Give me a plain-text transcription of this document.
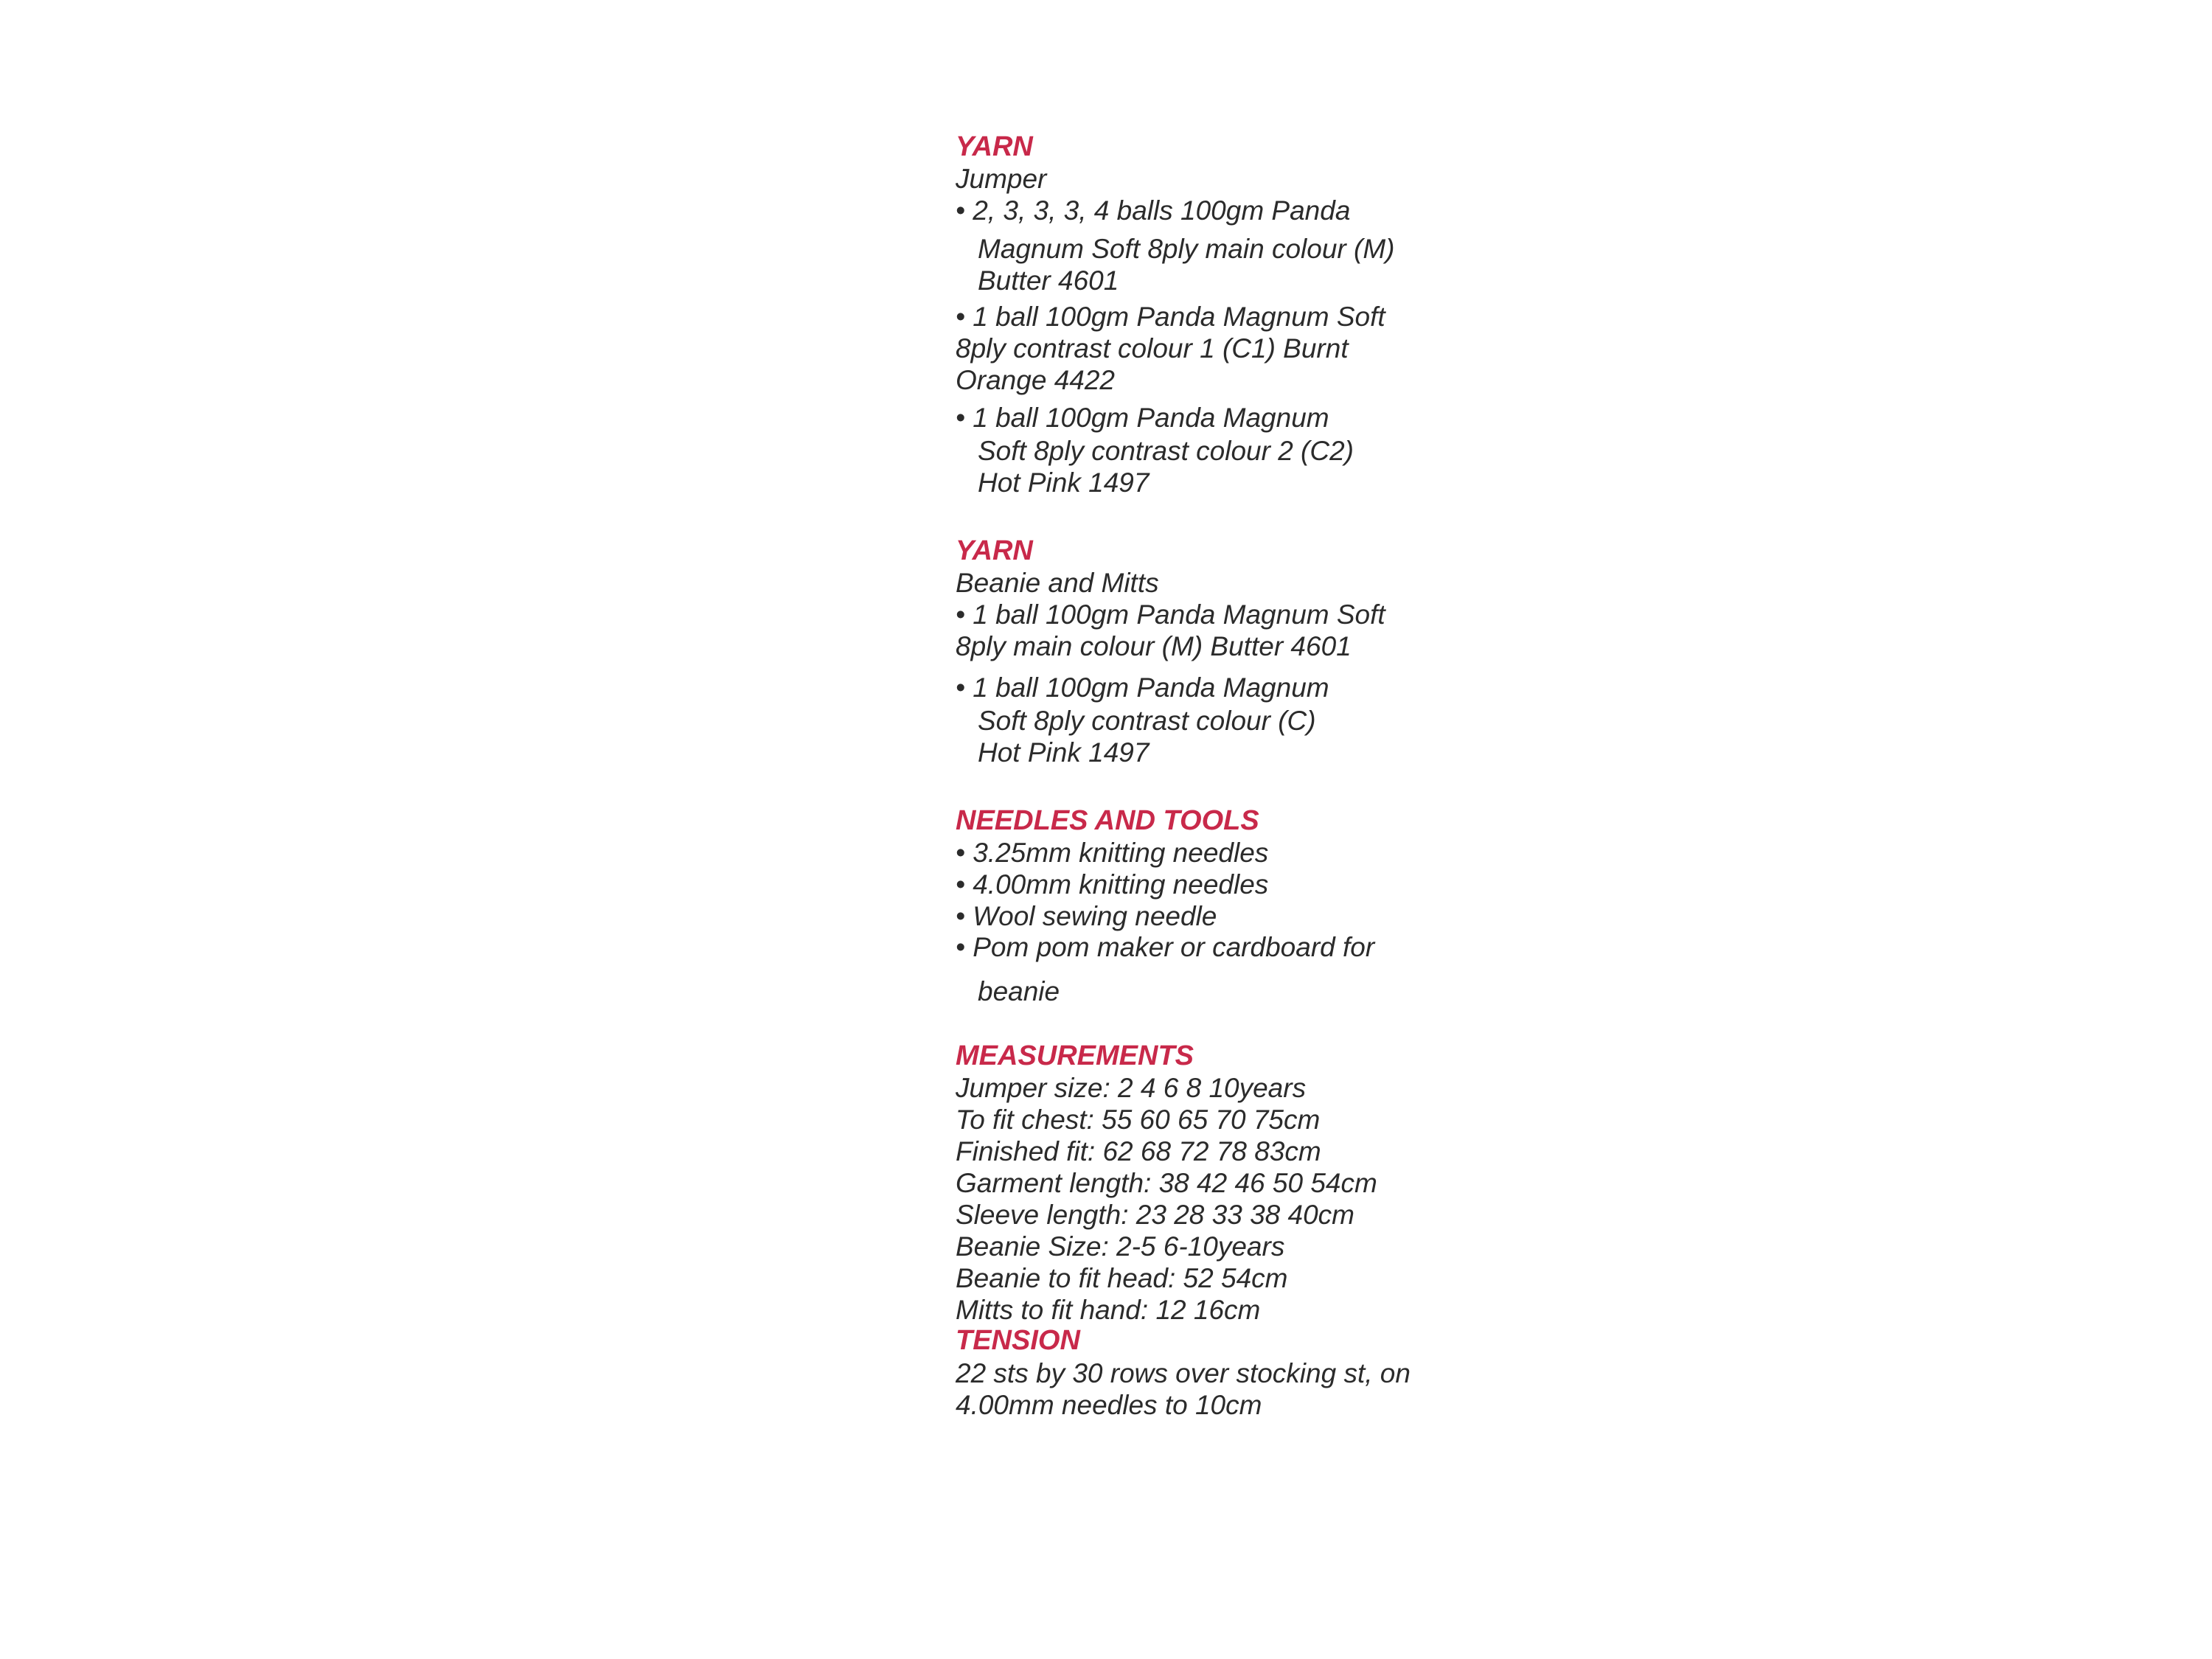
YARN
Jumper
• 2, 3, 3, 3, 4 balls 100gm Panda
Magnum Soft 8ply main colour (M)
Butter 4601
• 1 ball 100gm Panda Magnum Soft
8ply contrast colour 1 (C1) Burnt
Orange 4422
• 1 ball 100gm Panda Magnum
Soft 8ply contrast colour 2 (C2)
Hot Pink 1497
YARN
Beanie and Mitts
• 1 ball 100gm Panda Magnum Soft
8ply main colour (M) Butter 4601
• 1 ball 100gm Panda Magnum
Soft 8ply contrast colour (C)
Hot Pink 1497
NEEDLES AND TOOLS
• 3.25mm knitting needles
• 4.00mm knitting needles
• Wool sewing needle
• Pom pom maker or cardboard for
beanie
MEASUREMENTS
Jumper size: 2 4 6 8 10years
To fit chest: 55 60 65 70 75cm
Finished fit: 62 68 72 78 83cm
Garment length: 38 42 46 50 54cm
Sleeve length: 23 28 33 38 40cm
Beanie Size: 2-5 6-10years
Beanie to fit head: 52 54cm
Mitts to fit hand: 12 16cm
TENSION
22 sts by 30 rows over stocking st, on
4.00mm needles to 10cm
